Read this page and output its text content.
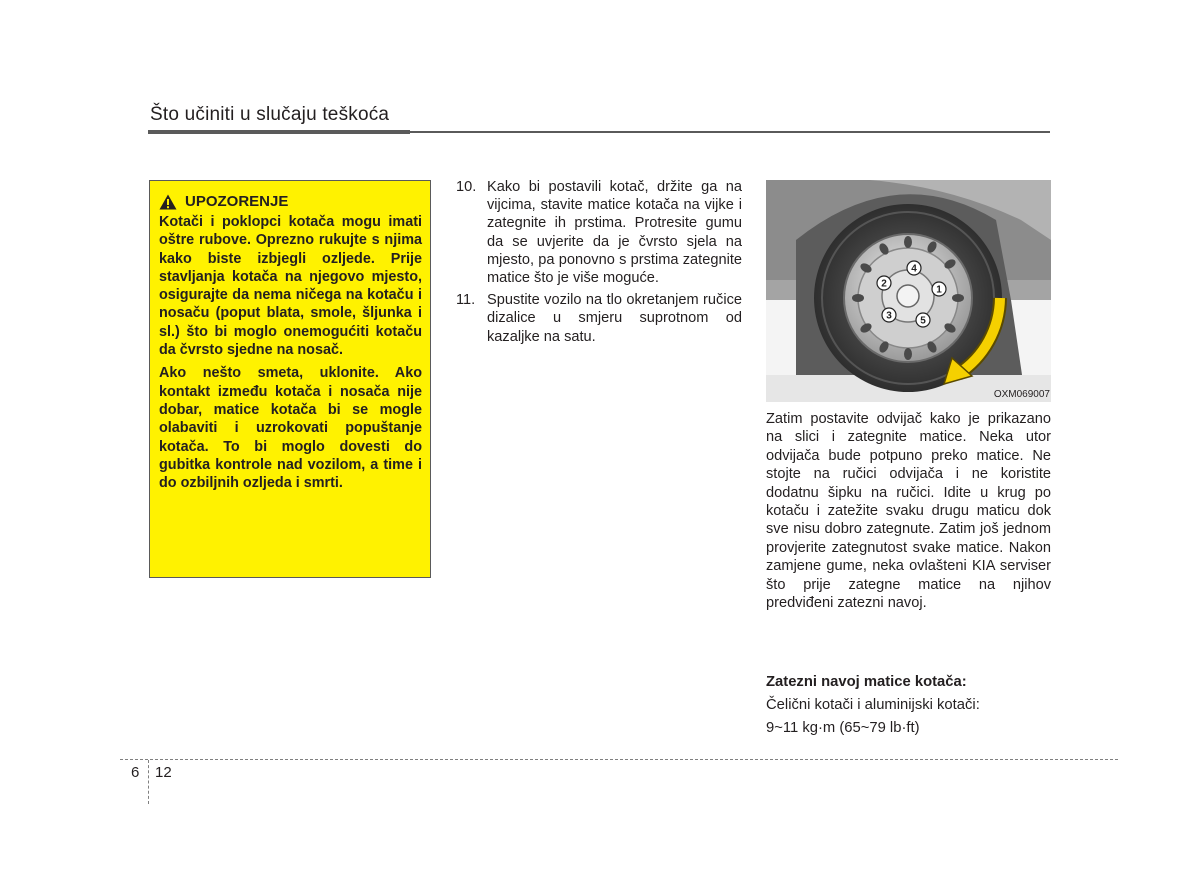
Što učiniti u slučaju teškoća
UPOZORENJE

Kotači i poklopci kotača mogu imati oštre rubove. Oprezno rukujte s njima kako biste izbjegli ozljede. Prije stavljanja kotača na njegovo mjesto, osigurajte da nema ničega na kotaču i nosaču (poput blata, smole, šljunka i sl.) što bi moglo onemogućiti kotaču da čvrsto sjedne na nosač.

Ako nešto smeta, uklonite. Ako kontakt između kotača i nosača nije dobar, matice kotača bi se mogle olabaviti i uzrokovati popuštanje kotača. To bi moglo dovesti do gubitka kontrole nad vozilom, a time i do ozbiljnih ozljeda i smrti.

10. Kako bi postavili kotač, držite ga na vijcima, stavite matice kotača na vijke i zategnite ih prstima. Protresite gumu da se uvjerite da je čvrsto sjela na mjesto, pa ponovno s prstima zategnite matice što je više moguće.
11. Spustite vozilo na tlo okretanjem ručice dizalice u smjeru suprotnom od kazaljke na satu.
1
2
3
4
5
OXM069007
Zatim postavite odvijač kako je prikazano na slici i zategnite matice. Neka utor odvijača bude potpuno preko matice. Ne stojte na ručici odvijača i ne koristite dodatnu šipku na ručici. Idite u krug po kotaču i zatežite svaku drugu maticu dok sve nisu dobro zategnute. Zatim još jednom provjerite zategnutost svake matice. Nakon zamjene gume, neka ovlašteni KIA serviser što prije zategne matice na njihov predviđeni zatezni navoj.
Zatezni navoj matice kotača:
Čelični kotači i aluminijski kotači:
9~11 kg·m (65~79 lb·ft)
6 12
